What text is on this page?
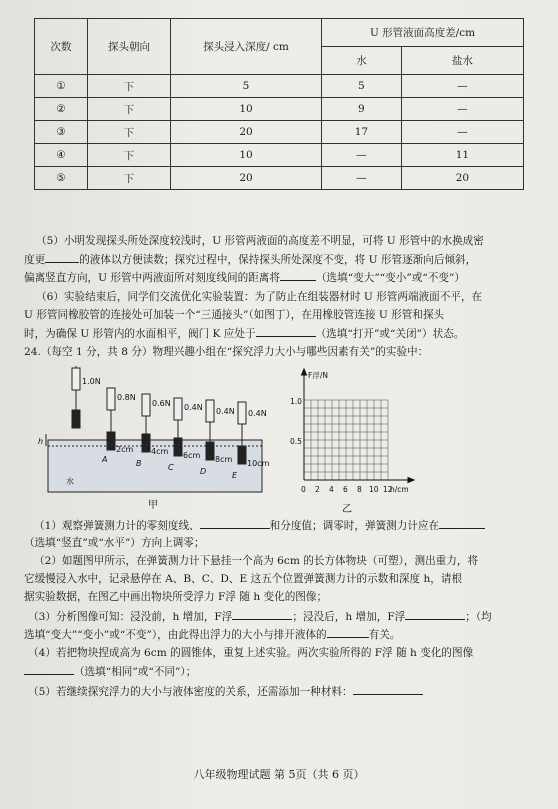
次数	探头朝向	探头浸入深度/ cm	U 形管液面高度差/cm	
			水	盐水
①	下	5	5	—
②	下	10	9	—
③	下	20	17	—
④	下	10	—	11
⑤	下	20	—	20
（5）小明发现探头所处深度较浅时，U 形管两液面的高度差不明显，可将 U 形管中的水换成密
度更	的液体以方便读数；探究过程中，保持探头所处深度不变，将 U 形管逐渐向后倾斜，
偏离竖直方向，U 形管中两液面所对刻度线间的距离将	（选填“变大”“变小”或“不变”）
（6）实验结束后，同学们交流优化实验装置：为了防止在组装器材时 U 形管两端液面不平，在
U 形管同橡胶管的连接处可加装一个“三通接头”（如图丁），在用橡胶管连接 U 形管和探头
时，为确保 U 形管内的水面相平，阀门 K 应处于	（选填“打开”或“关闭”）状态。
24.（每空 1 分，共 8 分）物理兴趣小组在“探究浮力大小与哪些因素有关”的实验中：
1.0N
0.8N
0.6N 0.4N 0.4N 0.4N
2cm 4cm 6cm 8cm 10cm
A	B	C	D	E
h
水
甲
F浮/N
h/cm
1.0
0.5
0 2 4 6 8 10 12
乙
（1）观察弹簧测力计的零刻度线、	和分度值；调零时，弹簧测力计应在
（选填“竖直”或“水平”）方向上调零；
（2）如题图甲所示，在弹簧测力计下悬挂一个高为 6cm 的长方体物块（可塑），测出重力，将
它缓慢浸入水中，记录悬停在 A、B、C、D、E 这五个位置弹簧测力计的示数和深度 h，请根
据实验数据，在图乙中画出物块所受浮力 F浮 随 h 变化的图像；
（3）分析图像可知：浸没前，h 增加，F浮	；浸没后，h 增加，F浮	；（均
选填“变大”“变小”或“不变”），由此得出浮力的大小与排开液体的	有关。
（4）若把物块捏成高为 6cm 的圆锥体，重复上述实验。两次实验所得的 F浮 随 h 变化的图像
（选填“相同”或“不同”）；
（5）若继续探究浮力的大小与液体密度的关系，还需添加一种材料：
八年级物理试题 第 5页（共 6 页）
